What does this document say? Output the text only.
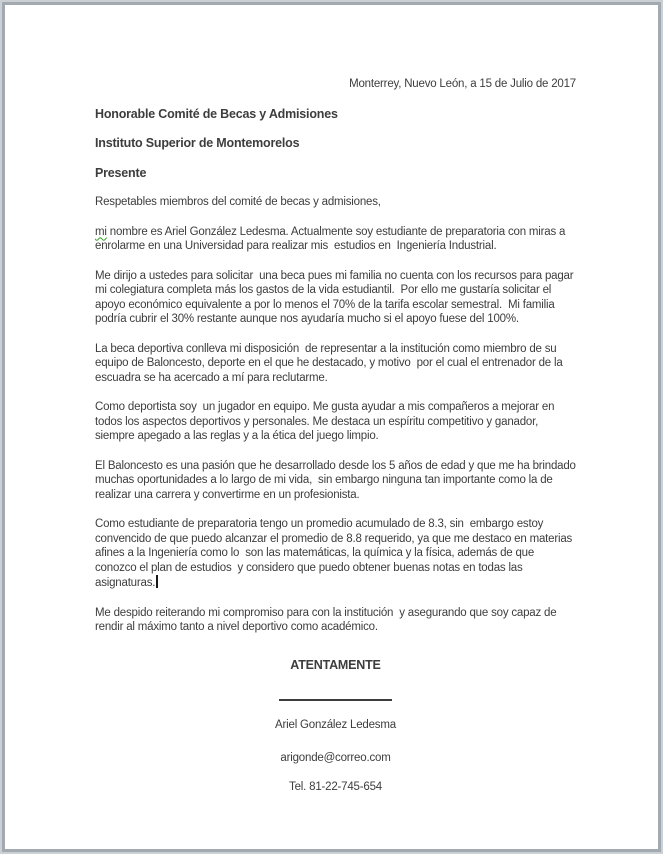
Monterrey, Nuevo León, a 15 de Julio de 2017

Honorable Comité de Becas y Admisiones

Instituto Superior de Montemorelos

Presente

Respetables miembros del comité de becas y admisiones,

mi nombre es Ariel González Ledesma. Actualmente soy estudiante de preparatoria con miras a enrolarme en una Universidad para realizar mis  estudios en  Ingeniería Industrial.

Me dirijo a ustedes para solicitar  una beca pues mi familia no cuenta con los recursos para pagar mi colegiatura completa más los gastos de la vida estudiantil.  Por ello me gustaría solicitar el apoyo económico equivalente a por lo menos el 70% de la tarifa escolar semestral.  Mi familia podría cubrir el 30% restante aunque nos ayudaría mucho si el apoyo fuese del 100%.

La beca deportiva conlleva mi disposición  de representar a la institución como miembro de su equipo de Baloncesto, deporte en el que he destacado, y motivo  por el cual el entrenador de la escuadra se ha acercado a mí para reclutarme.

Como deportista soy  un jugador en equipo. Me gusta ayudar a mis compañeros a mejorar en todos los aspectos deportivos y personales. Me destaca un espíritu competitivo y ganador, siempre apegado a las reglas y a la ética del juego limpio.

El Baloncesto es una pasión que he desarrollado desde los 5 años de edad y que me ha brindado muchas oportunidades a lo largo de mi vida,  sin embargo ninguna tan importante como la de realizar una carrera y convertirme en un profesionista.

Como estudiante de preparatoria tengo un promedio acumulado de 8.3, sin  embargo estoy convencido de que puedo alcanzar el promedio de 8.8 requerido, ya que me destaco en materias afines a la Ingeniería como lo  son las matemáticas, la química y la física, además de que conozco el plan de estudios  y considero que puedo obtener buenas notas en todas las asignaturas.

Me despido reiterando mi compromiso para con la institución  y asegurando que soy capaz de rendir al máximo tanto a nivel deportivo como académico.

ATENTAMENTE

Ariel González Ledesma

arigonde@correo.com

Tel. 81-22-745-654
